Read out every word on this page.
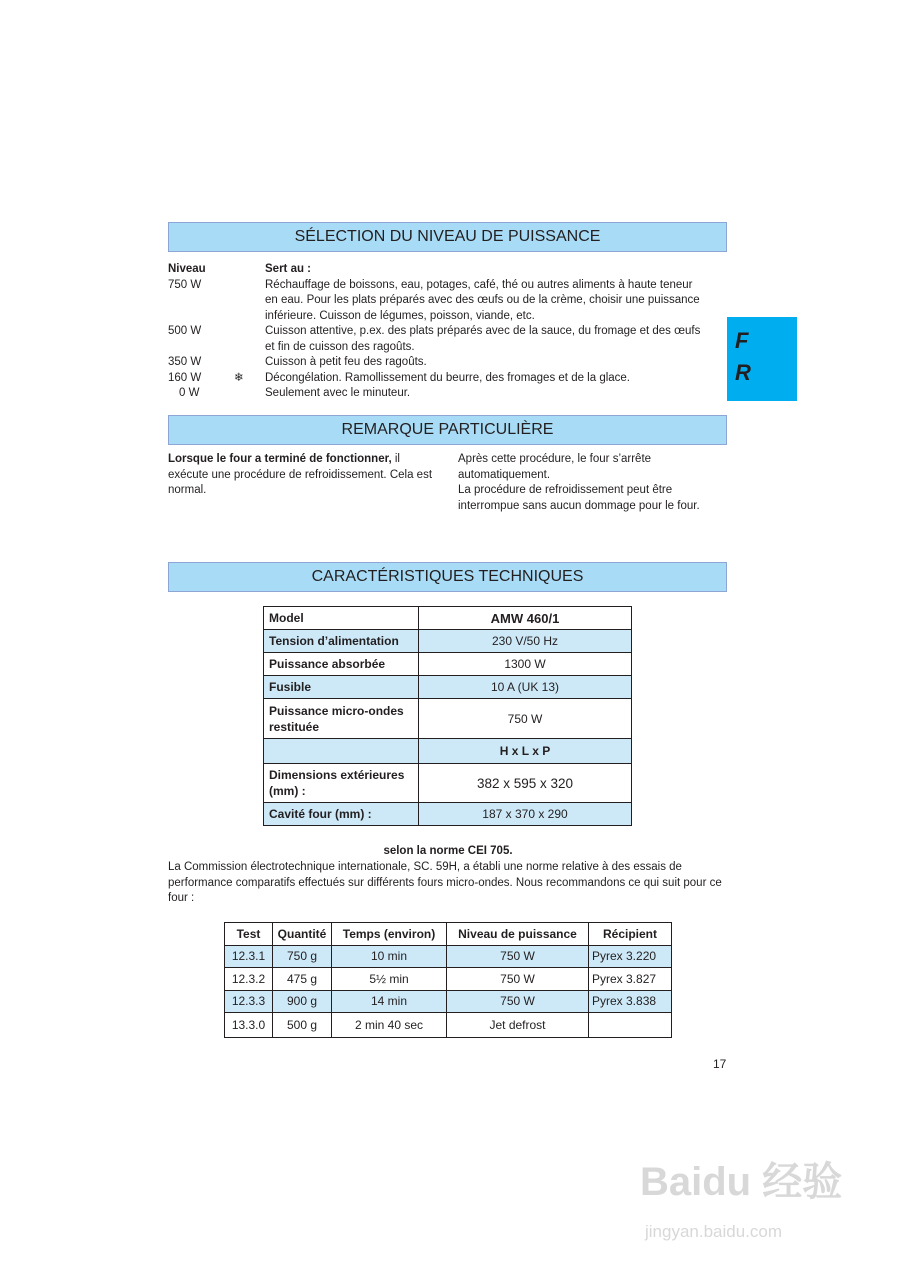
SÉLECTION DU NIVEAU DE PUISSANCE
Niveau	Sert au :
750 W	Réchauffage de boissons, eau, potages, café, thé ou autres aliments à haute teneur
en eau. Pour les plats préparés avec des œufs ou de la crème, choisir une puissance
inférieure. Cuisson de légumes, poisson, viande, etc.
500 W	Cuisson attentive, p.ex. des plats préparés avec de la sauce, du fromage et des œufs
et fin de cuisson des ragoûts.
350 W	Cuisson à petit feu des ragoûts.
160 W	❄ Décongélation. Ramollissement du beurre, des fromages et de la glace.
0 W	Seulement avec le minuteur.
F
R
REMARQUE PARTICULIÈRE
Lorsque le four a terminé de fonctionner, il exécute une procédure de refroidissement. Cela est normal.
Après cette procédure, le four s’arrête automatiquement.
La procédure de refroidissement peut être interrompue sans aucun dommage pour le four.
CARACTÉRISTIQUES TECHNIQUES
Model	AMW 460/1
Tension d’alimentation	230 V/50 Hz
Puissance absorbée	1300 W
Fusible	10 A (UK 13)
Puissance micro-ondes restituée	750 W
	H x L x P
Dimensions extérieures (mm) :	382 x 595 x 320
Cavité four (mm) :	187 x 370 x 290
selon la norme CEI 705.
La Commission électrotechnique internationale, SC. 59H, a établi une norme relative à des essais de performance comparatifs effectués sur différents fours micro-ondes. Nous recommandons ce qui suit pour ce four :
Test	Quantité	Temps (environ)	Niveau de puissance	Récipient
12.3.1	750 g	10 min	750 W	Pyrex 3.220
12.3.2	475 g	5½ min	750 W	Pyrex 3.827
12.3.3	900 g	14 min	750 W	Pyrex 3.838
13.3.0	500 g	2 min 40 sec	Jet defrost	
17
Baidu 经验
jingyan.baidu.com
